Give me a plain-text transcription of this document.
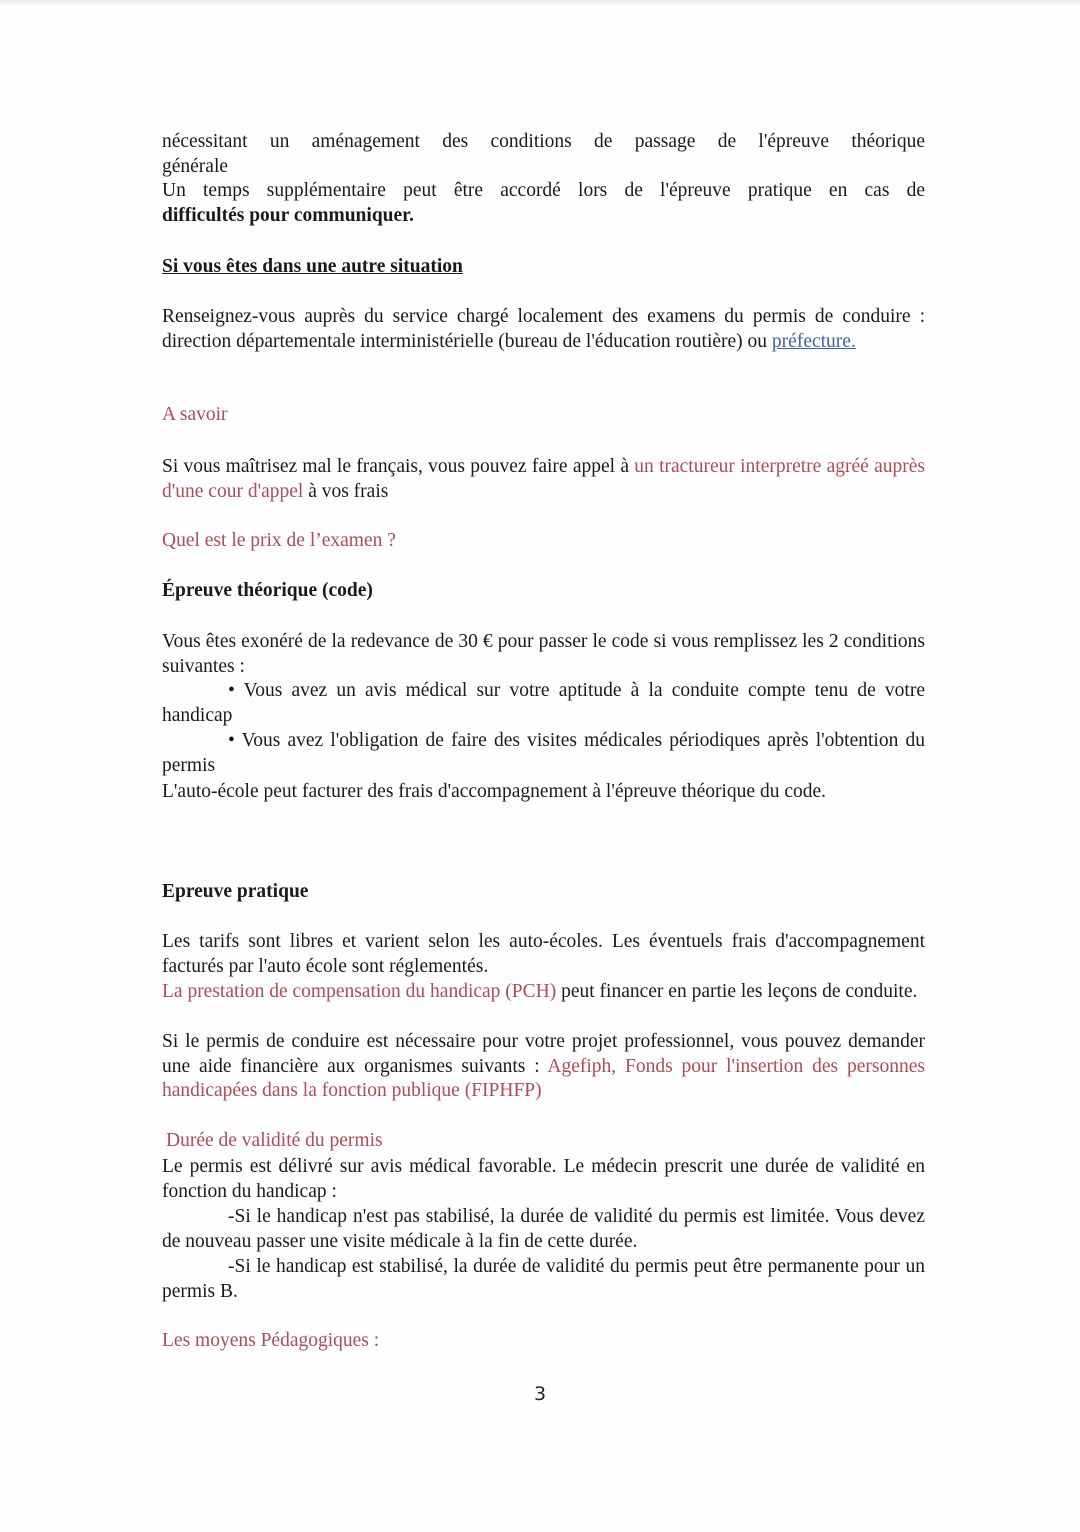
nécessitant un aménagement des conditions de passage de l'épreuve théorique
générale
Un temps supplémentaire peut être accordé lors de l'épreuve pratique en cas de
difficultés pour communiquer.
Si vous êtes dans une autre situation
Renseignez-vous auprès du service chargé localement des examens du permis de conduire : direction départementale interministérielle (bureau de l'éducation routière) ou préfecture.
A savoir
Si vous maîtrisez mal le français, vous pouvez faire appel à un tractureur interpretre agréé auprès d'une cour d'appel à vos frais
Quel est le prix de l’examen ?
Épreuve théorique (code)
Vous êtes exonéré de la redevance de 30 € pour passer le code si vous remplissez les 2 conditions suivantes :
• Vous avez un avis médical sur votre aptitude à la conduite compte tenu de votre handicap
• Vous avez l'obligation de faire des visites médicales périodiques après l'obtention du permis
L'auto-école peut facturer des frais d'accompagnement à l'épreuve théorique du code.
Epreuve pratique
Les tarifs sont libres et varient selon les auto-écoles. Les éventuels frais d'accompagnement facturés par l'auto école sont réglementés.
La prestation de compensation du handicap (PCH) peut financer en partie les leçons de conduite.
Si le permis de conduire est nécessaire pour votre projet professionnel, vous pouvez demander une aide financière aux organismes suivants : Agefiph, Fonds pour l'insertion des personnes handicapées dans la fonction publique (FIPHFP)
Durée de validité du permis
Le permis est délivré sur avis médical favorable. Le médecin prescrit une durée de validité en fonction du handicap :
-Si le handicap n'est pas stabilisé, la durée de validité du permis est limitée. Vous devez de nouveau passer une visite médicale à la fin de cette durée.
-Si le handicap est stabilisé, la durée de validité du permis peut être permanente pour un permis B.
Les moyens Pédagogiques :
3
